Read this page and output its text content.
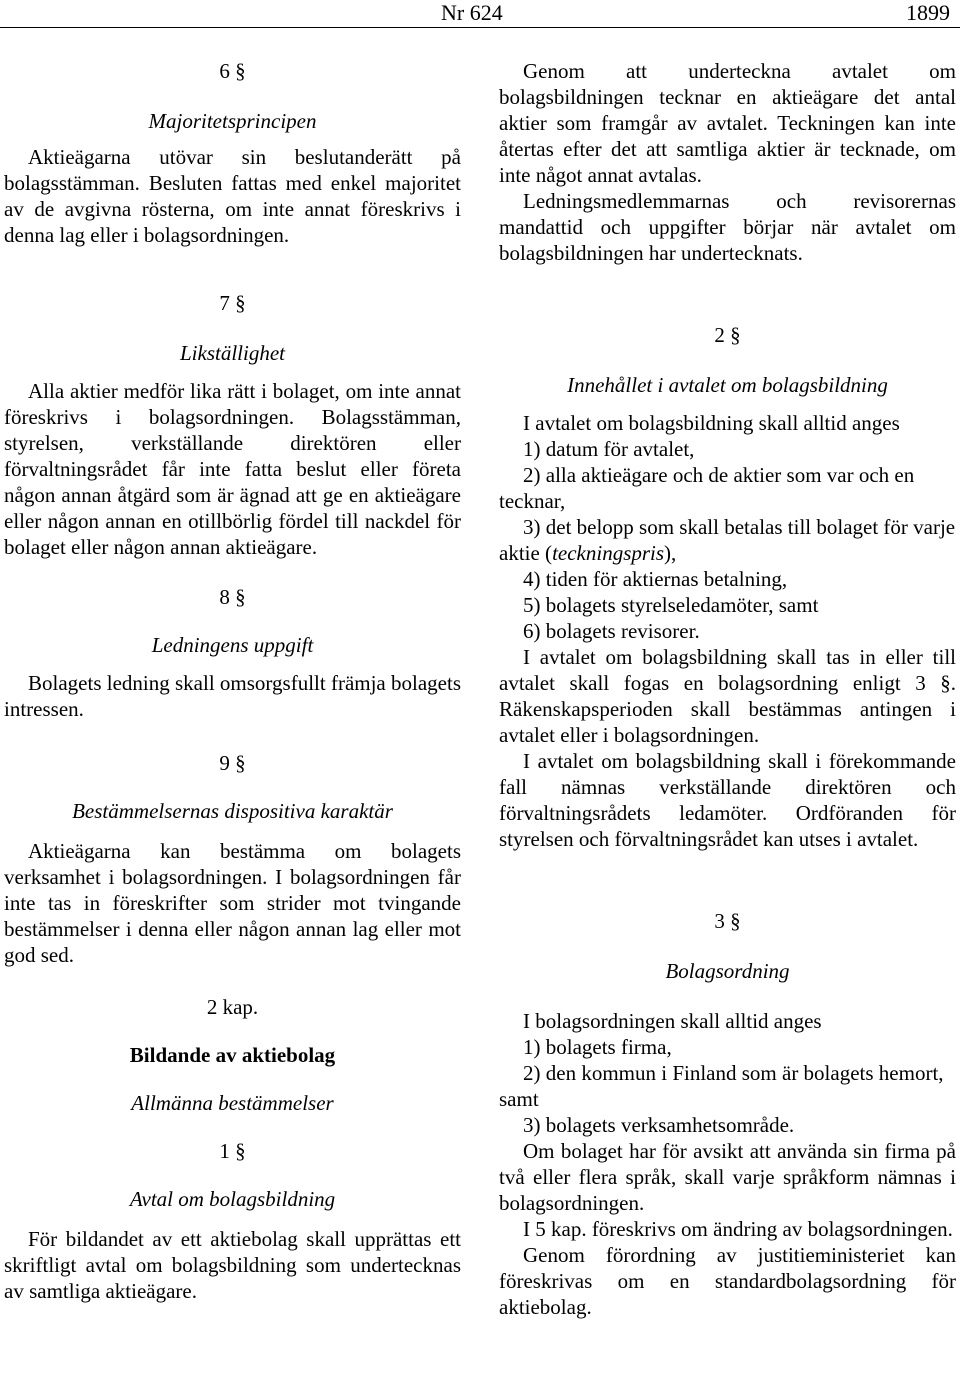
Nr 624	1899

6 §

Majoritetsprincipen

Aktieägarna utövar sin beslutanderätt på bolagsstämman. Besluten fattas med enkel majoritet av de avgivna rösterna, om inte annat föreskrivs i denna lag eller i bolagsordningen.

7 §

Likställighet

Alla aktier medför lika rätt i bolaget, om inte annat föreskrivs i bolagsordningen. Bolagsstämman, styrelsen, verkställande direktören eller förvaltningsrådet får inte fatta beslut eller företa någon annan åtgärd som är ägnad att ge en aktieägare eller någon annan en otillbörlig fördel till nackdel för bolaget eller någon annan aktieägare.

8 §

Ledningens uppgift

Bolagets ledning skall omsorgsfullt främja bolagets intressen.

9 §

Bestämmelsernas dispositiva karaktär

Aktieägarna kan bestämma om bolagets verksamhet i bolagsordningen. I bolagsordningen får inte tas in föreskrifter som strider mot tvingande bestämmelser i denna eller någon annan lag eller mot god sed.

2 kap.

Bildande av aktiebolag

Allmänna bestämmelser

1 §

Avtal om bolagsbildning

För bildandet av ett aktiebolag skall upprättas ett skriftligt avtal om bolagsbildning som undertecknas av samtliga aktieägare.

Genom att underteckna avtalet om bolagsbildningen tecknar en aktieägare det antal aktier som framgår av avtalet. Teckningen kan inte återtas efter det att samtliga aktier är tecknade, om inte något annat avtalas.

Ledningsmedlemmarnas och revisorernas mandattid och uppgifter börjar när avtalet om bolagsbildningen har undertecknats.

2 §

Innehållet i avtalet om bolagsbildning

I avtalet om bolagsbildning skall alltid anges

1) datum för avtalet,

2) alla aktieägare och de aktier som var och en tecknar,

3) det belopp som skall betalas till bolaget för varje aktie (teckningspris),

4) tiden för aktiernas betalning,

5) bolagets styrelseledamöter, samt

6) bolagets revisorer.

I avtalet om bolagsbildning skall tas in eller till avtalet skall fogas en bolagsordning enligt 3 §. Räkenskapsperioden skall bestämmas antingen i avtalet eller i bolagsordningen.

I avtalet om bolagsbildning skall i förekommande fall nämnas verkställande direktören och förvaltningsrådets ledamöter. Ordföranden för styrelsen och förvaltningsrådet kan utses i avtalet.

3 §

Bolagsordning

I bolagsordningen skall alltid anges

1) bolagets firma,

2) den kommun i Finland som är bolagets hemort, samt

3) bolagets verksamhetsområde.

Om bolaget har för avsikt att använda sin firma på två eller flera språk, skall varje språkform nämnas i bolagsordningen.

I 5 kap. föreskrivs om ändring av bolagsordningen.

Genom förordning av justitieministeriet kan föreskrivas om en standardbolagsordning för aktiebolag.
